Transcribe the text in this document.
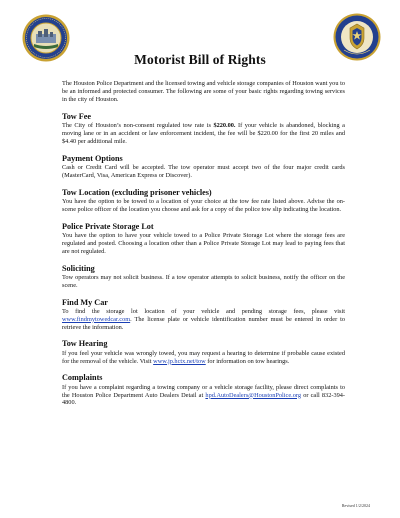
Motorist Bill of Rights

The Houston Police Department and the licensed towing and vehicle storage companies of Houston want you to be an informed and protected consumer. The following are some of your basic rights regarding towing services in the city of Houston.

Tow Fee

The City of Houston’s non-consent regulated tow rate is $220.00. If your vehicle is abandoned, blocking a moving lane or in an accident or law enforcement incident, the fee will be $220.00 for the first 20 miles and $4.40 per additional mile.

Payment Options

Cash or Credit Card will be accepted. The tow operator must accept two of the four major credit cards (MasterCard, Visa, American Express or Discover).

Tow Location (excluding prisoner vehicles)

You have the option to be towed to a location of your choice at the tow fee rate listed above. Advise the on-scene police officer of the location you choose and ask for a copy of the police tow slip indicating the location.

Police Private Storage Lot

You have the option to have your vehicle towed to a Police Private Storage Lot where the storage fees are regulated and posted. Choosing a location other than a Police Private Storage Lot may lead to paying fees that are not regulated.

Soliciting

Tow operators may not solicit business. If a tow operator attempts to solicit business, notify the officer on the scene.

Find My Car

To find the storage lot location of your vehicle and pending storage fees, please visit www.findmytowedcar.com. The license plate or vehicle identification number must be entered in order to retrieve the information.

Tow Hearing

If you feel your vehicle was wrongly towed, you may request a hearing to determine if probable cause existed for the removal of the vehicle. Visit www.jp.hctx.net/tow for information on tow hearings.

Complaints

If you have a complaint regarding a towing company or a vehicle storage facility, please direct complaints to the Houston Police Department Auto Dealers Detail at hpd.AutoDealers@HoustonPolice.org or call 832-394-4800.

Revised 1/2/2024
